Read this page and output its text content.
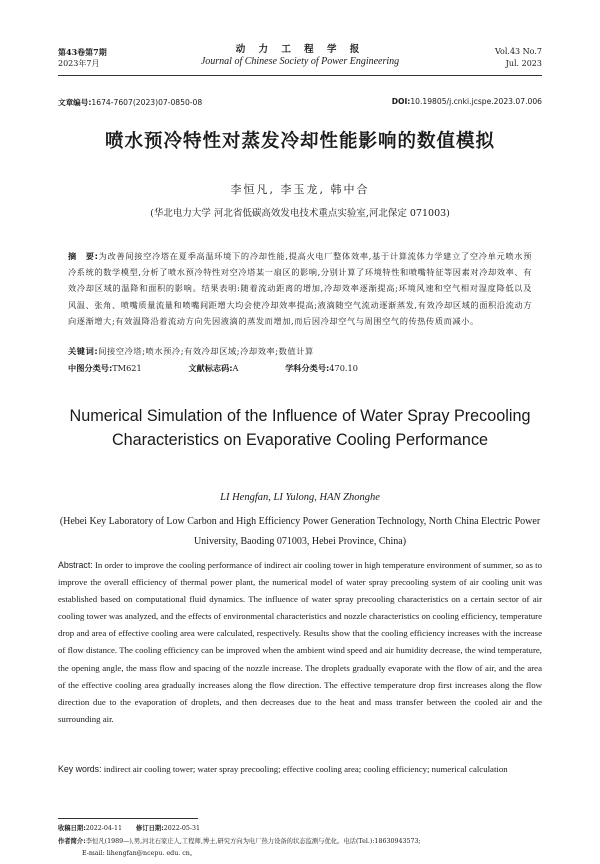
第43卷第7期
2023年7月
动 力 工 程 学 报
Journal of Chinese Society of Power Engineering
Vol.43 No.7
Jul. 2023
文章编号:1674-7607(2023)07-0850-08	DOI:10.19805/j.cnki.jcspe.2023.07.006
喷水预冷特性对蒸发冷却性能影响的数值模拟
李恒凡, 李玉龙, 韩中合
(华北电力大学 河北省低碳高效发电技术重点实验室,河北保定 071003)
摘　要:为改善间接空冷塔在夏季高温环境下的冷却性能,提高火电厂整体效率,基于计算流体力学建立了空冷单元喷水预冷系统的数学模型,分析了喷水预冷特性对空冷塔某一扇区的影响,分别计算了环境特性和喷嘴特征等因素对冷却效率、有效冷却区域的温降和面积的影响。结果表明:随着流动距离的增加,冷却效率逐渐提高;环境风速和空气相对湿度降低以及风温、张角、喷嘴质量流量和喷嘴间距增大均会使冷却效率提高;液滴随空气流动逐渐蒸发,有效冷却区域的面积沿流动方向逐渐增大;有效温降沿着流动方向先因液滴的蒸发而增加,而后因冷却空气与周围空气的传热传质而减小。
关键词:间接空冷塔;喷水预冷;有效冷却区域;冷却效率;数值计算
中图分类号:TM621	文献标志码:A	学科分类号:470.10
Numerical Simulation of the Influence of Water Spray Precooling Characteristics on Evaporative Cooling Performance
LI Hengfan, LI Yulong, HAN Zhonghe
(Hebei Key Laboratory of Low Carbon and High Efficiency Power Generation Technology, North China Electric Power University, Baoding 071003, Hebei Province, China)
Abstract: In order to improve the cooling performance of indirect air cooling tower in high temperature environment of summer, so as to improve the overall efficiency of thermal power plant, the numerical model of water spray precooling system of air cooling unit was established based on computational fluid dynamics. The influence of water spray precooling characteristics on a certain sector of air cooling tower was analyzed, and the effects of environmental characteristics and nozzle characteristics on cooling efficiency, temperature drop and area of effective cooling area were calculated, respectively. Results show that the cooling efficiency increases with the increase of flow distance. The cooling efficiency can be improved when the ambient wind speed and air humidity decrease, the wind temperature, the opening angle, the mass flow and spacing of the nozzle increase. The droplets gradually evaporate with the flow of air, and the area of the effective cooling area gradually increases along the flow direction. The effective temperature drop first increases along the flow direction due to the evaporation of droplets, and then decreases due to the heat and mass transfer between the cooled air and the surrounding air.
Key words: indirect air cooling tower; water spray precooling; effective cooling area; cooling efficiency; numerical calculation
收稿日期:2022-04-11 修订日期:2022-05-31
作者简介:李恒凡(1989—),男,河北石家庄人,工程师,博士,研究方向为电厂热力设备的状态监测与优化。电话(Tel.):18630943573;
E-mail: lihengfan@ncepu. edu. cn。
